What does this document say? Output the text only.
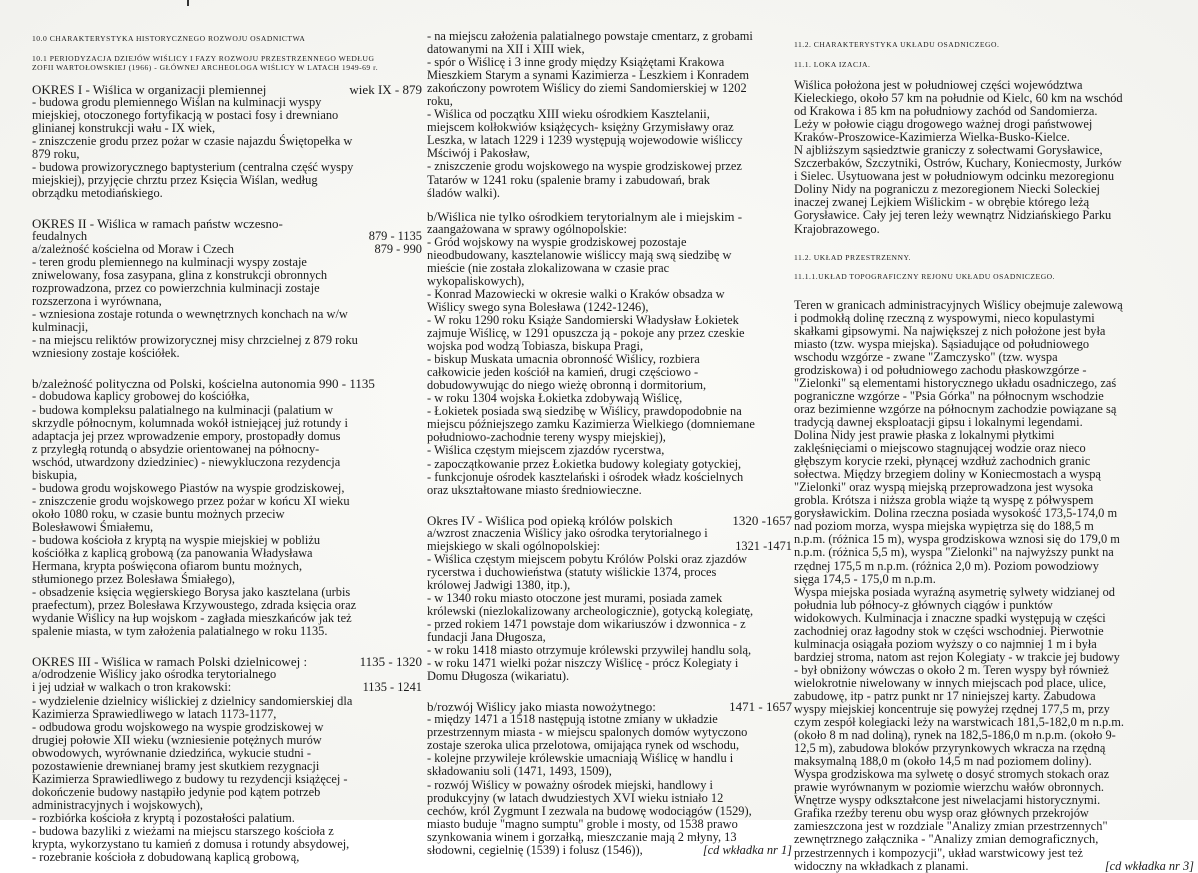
10.0 CHARAKTERYSTYKA HISTORYCZNEGO ROZWOJU OSADNICTWA
10.1 PERIODYZACJA DZIEJÓW WIŚLICY I FAZY ROZWOJU PRZESTRZENNEGO WEDŁUG
ZOFII WARTOŁOWSKIEJ (1966) - GŁÓWNEJ ARCHEOLOGA WIŚLICY W LATACH 1949-69 r.
OKRES I - Wiślica w organizacji plemiennej	wiek IX - 879
- budowa grodu plemiennego Wiślan na kulminacji wyspy
miejskiej, otoczonego fortyfikacją w postaci fosy i drewniano
glinianej konstrukcji wału - IX wiek,
- zniszczenie grodu przez pożar w czasie najazdu Świętopełka w
879 roku,
- budowa prowizorycznego baptysterium (centralna część wyspy
miejskiej), przyjęcie chrztu przez Księcia Wiślan, według
obrządku metodiańskiego.
OKRES II - Wiślica w ramach państw wczesno-
feudalnych	879 - 1135
a/zależność kościelna od Moraw i Czech	879 - 990
- teren grodu plemiennego na kulminacji wyspy zostaje
zniwelowany, fosa zasypana, glina z konstrukcji obronnych
rozprowadzona, przez co powierzchnia kulminacji zostaje
rozszerzona i wyrównana,
- wzniesiona zostaje rotunda o wewnętrznych konchach na w/w
kulminacji,
- na miejscu reliktów prowizorycznej misy chrzcielnej z 879 roku
wzniesiony zostaje kościółek.
b/zależność polityczna od Polski, kościelna autonomia 990 - 1135
- dobudowa kaplicy grobowej do kościółka,
- budowa kompleksu palatialnego na kulminacji (palatium w
skrzydle północnym, kolumnada wokół istniejącej już rotundy i
adaptacja jej przez wprowadzenie empory, prostopadły domus
z przyległą rotundą o absydzie orientowanej na północny-
wschód, utwardzony dziedziniec) - niewykluczona rezydencja
biskupia,
- budowa grodu wojskowego Piastów na wyspie grodziskowej,
- zniszczenie grodu wojskowego przez pożar w końcu XI wieku
około 1080 roku, w czasie buntu możnych przeciw
Bolesławowi Śmiałemu,
- budowa kościoła z kryptą na wyspie miejskiej w pobliżu
kościółka z kaplicą grobową (za panowania Władysława
Hermana, krypta poświęcona ofiarom buntu możnych,
stłumionego przez Bolesława Śmiałego),
- obsadzenie księcia węgierskiego Borysa jako kasztelana (urbis
praefectum), przez Bolesława Krzywoustego, zdrada księcia oraz
wydanie Wiślicy na łup wojskom - zagłada mieszkańców jak też
spalenie miasta, w tym założenia palatialnego w roku 1135.
OKRES III - Wiślica w ramach Polski dzielnicowej :	1135 - 1320
a/odrodzenie Wiślicy jako ośrodka terytorialnego
i jej udział w walkach o tron krakowski:	1135 - 1241
- wydzielenie dzielnicy wiślickiej z dzielnicy sandomierskiej dla
Kazimierza Sprawiedliwego w latach 1173-1177,
- odbudowa grodu wojskowego na wyspie grodziskowej w
drugiej połowie XII wieku (wzniesienie potężnych murów
obwodowych, wyrównanie dziedzińca, wykucie studni -
pozostawienie drewnianej bramy jest skutkiem rezygnacji
Kazimierza Sprawiedliwego z budowy tu rezydencji książęcej -
dokończenie budowy nastąpiło jedynie pod kątem potrzeb
administracyjnych i wojskowych),
- rozbiórka kościoła z kryptą i pozostałości palatium.
- budowa bazyliki z wieżami na miejscu starszego kościoła z
krypta, wykorzystano tu kamień z domusa i rotundy absydowej,
- rozebranie kościoła z dobudowaną kaplicą grobową,
- na miejscu założenia palatialnego powstaje cmentarz, z grobami
datowanymi na XII i XIII wiek,
- spór o Wiślicę i 3 inne grody między Książętami Krakowa
Mieszkiem Starym a synami Kazimierza - Leszkiem i Konradem
zakończony powrotem Wiślicy do ziemi Sandomierskiej w 1202
roku,
- Wiślica od początku XIII wieku ośrodkiem Kasztelanii,
miejscem kolłokwiów książęcych- księżny Grzymisławy oraz
Leszka, w latach 1229 i 1239 występują wojewodowie wiśliccy
Mściwój i Pakosław,
- zniszczenie grodu wojskowego na wyspie grodziskowej przez
Tatarów w 1241 roku (spalenie bramy i zabudowań, brak
śladów walki).
b/Wiślica nie tylko ośrodkiem terytorialnym ale i miejskim -
zaangażowana w sprawy ogólnopolskie:
- Gród wojskowy na wyspie grodziskowej pozostaje
nieodbudowany, kasztelanowie wiśliccy mają swą siedzibę w
mieście (nie została zlokalizowana w czasie prac
wykopaliskowych),
- Konrad Mazowiecki w okresie walki o Kraków obsadza w
Wiślicy swego syna Bolesława (1242-1246),
- W roku 1290 roku Książe Sandomierski Władysław Łokietek
zajmuje Wiślicę, w 1291 opuszcza ją - pokoje any przez czeskie
wojska pod wodzą Tobiasza, biskupa Pragi,
- biskup Muskata umacnia obronność Wiślicy, rozbiera
całkowicie jeden kościół na kamień, drugi częściowo -
dobudowywując do niego wieżę obronną i dormitorium,
- w roku 1304 wojska Łokietka zdobywają Wiślicę,
- Łokietek posiada swą siedzibę w Wiślicy, prawdopodobnie na
miejscu późniejszego zamku Kazimierza Wielkiego (domniemane
południowo-zachodnie tereny wyspy miejskiej),
- Wiślica częstym miejscem zjazdów rycerstwa,
- zapoczątkowanie przez Łokietka budowy kolegiaty gotyckiej,
- funkcjonuje ośrodek kasztelański i ośrodek władz kościelnych
oraz ukształtowane miasto średniowieczne.
Okres IV - Wiślica pod opieką królów polskich	1320 -1657
a/wzrost znaczenia Wiślicy jako ośrodka terytorialnego i
miejskiego w skali ogólnopolskiej:	1321 -1471
- Wiślica częstym miejscem pobytu Królów Polski oraz zjazdów
rycerstwa i duchowieństwa (statuty wiślickie 1374, proces
królowej Jadwigi 1380, itp.),
- w 1340 roku miasto otoczone jest murami, posiada zamek
królewski (niezlokalizowany archeologicznie), gotycką kolegiatę,
- przed rokiem 1471 powstaje dom wikariuszów i dzwonnica - z
fundacji Jana Długosza,
- w roku 1418 miasto otrzymuje królewski przywilej handlu solą,
- w roku 1471 wielki pożar niszczy Wiślicę - prócz Kolegiaty i
Domu Długosza (wikariatu).
b/rozwój Wiślicy jako miasta nowożytnego:	1471 - 1657
- między 1471 a 1518 następują istotne zmiany w układzie
przestrzennym miasta - w miejscu spalonych domów wytyczono
zostaje szeroka ulica przelotowa, omijająca rynek od wschodu,
- kolejne przywileje królewskie umacniają Wiślicę w handlu i
składowaniu soli (1471, 1493, 1509),
- rozwój Wiślicy w poważny ośrodek miejski, handlowy i
produkcyjny (w latach dwudziestych XVI wieku istniało 12
cechów, król Zygmunt I zezwala na budowę wodociągów (1529),
miasto buduje "magno sumptu" groble i mosty, od 1538 prawo
szynkowania winem i gorzałką, mieszczanie mają 2 młyny, 13
słodowni, cegielnię (1539) i folusz (1546)),	[cd wkładka nr 1]
11.2. CHARAKTERYSTYKA UKŁADU OSADNICZEGO.
11.1. LOKA IZACJA.
Wiślica położona jest w południowej części województwa
Kieleckiego, około 57 km na południe od Kielc, 60 km na wschód
od Krakowa i 85 km na południowy zachód od Sandomierza.
Leży w połowie ciągu drogowego ważnej drogi państwowej
Kraków-Proszowice-Kazimierza Wielka-Busko-Kielce.
N ajbliższym sąsiedztwie graniczy z sołectwami Gorysławice,
Szczerbaków, Szczytniki, Ostrów, Kuchary, Koniecmosty, Jurków
i Sielec. Usytuowana jest w południowym odcinku mezoregionu
Doliny Nidy na pograniczu z mezoregionem Niecki Soleckiej
inaczej zwanej Lejkiem Wiślickim - w obrębie którego leżą
Gorysławice. Cały jej teren leży wewnątrz Nidziańskiego Parku
Krajobrazowego.
11.2. UKŁAD PRZESTRZENNY.
11.1.1.UKŁAD TOPOGRAFICZNY REJONU UKŁADU OSADNICZEGO.
Teren w granicach administracyjnych Wiślicy obejmuje zalewową
i podmokłą dolinę rzeczną z wyspowymi, nieco kopulastymi
skałkami gipsowymi. Na największej z nich położone jest była
miasto (tzw. wyspa miejska). Sąsiadujące od południowego
wschodu wzgórze - zwane "Zamczysko" (tzw. wyspa
grodziskowa) i od południowego zachodu płaskowzgórze -
"Zielonki" są elementami historycznego układu osadniczego, zaś
pograniczne wzgórze - "Psia Górka" na północnym wschodzie
oraz bezimienne wzgórze na północnym zachodzie powiązane są
tradycją dawnej eksploatacji gipsu i lokalnymi legendami.
Dolina Nidy jest prawie płaska z lokalnymi płytkimi
zaklęśnięciami o miejscowo stagnującej wodzie oraz nieco
głębszym korycie rzeki, płynącej wzdłuż zachodnich granic
sołectwa. Między brzegiem doliny w Koniecmostach a wyspą
"Zielonki" oraz wyspą miejską przeprowadzona jest wysoka
grobla. Krótsza i niższa grobla wiąże tą wyspę z półwyspem
gorysławickim. Dolina rzeczna posiada wysokość 173,5-174,0 m
nad poziom morza, wyspa miejska wypiętrza się do 188,5 m
n.p.m. (różnica 15 m), wyspa grodziskowa wznosi się do 179,0 m
n.p.m. (różnica 5,5 m), wyspa "Zielonki" na najwyższy punkt na
rzędnej 175,5 m n.p.m. (różnica 2,0 m). Poziom powodziowy
sięga 174,5 - 175,0 m n.p.m.
Wyspa miejska posiada wyraźną asymetrię sylwety widzianej od
południa lub północy-z głównych ciągów i punktów
widokowych. Kulminacja i znaczne spadki występują w części
zachodniej oraz łagodny stok w części wschodniej. Pierwotnie
kulminacja osiągała poziom wyższy o co najmniej 1 m i była
bardziej stroma, natom ast rejon Kolegiaty - w trakcie jej budowy
- był obniżony wówczas o około 2 m. Teren wyspy był również
wielokrotnie niwelowany w innych miejscach pod place, ulice,
zabudowę, itp - patrz punkt nr 17 niniejszej karty. Zabudowa
wyspy miejskiej koncentruje się powyżej rzędnej 177,5 m, przy
czym zespół kolegiacki leży na warstwicach 181,5-182,0 m n.p.m.
(około 8 m nad doliną), rynek na 182,5-186,0 m n.p.m. (około 9-
12,5 m), zabudowa bloków przyrynkowych wkracza na rzędną
maksymalną 188,0 m (około 14,5 m nad poziomem doliny).
Wyspa grodziskowa ma sylwetę o dosyć stromych stokach oraz
prawie wyrównanym w poziomie wierzchu wałów obronnych.
Wnętrze wyspy odkształcone jest niwelacjami historycznymi.
Grafika rzeźby terenu obu wysp oraz głównych przekrojów
zamieszczona jest w rozdziale "Analizy zmian przestrzennych"
zewnętrznego załącznika - "Analizy zmian demograficznych,
przestrzennych i kompozycji", układ warstwicowy jest też
widoczny na wkładkach z planami.	[cd wkładka nr 3]
